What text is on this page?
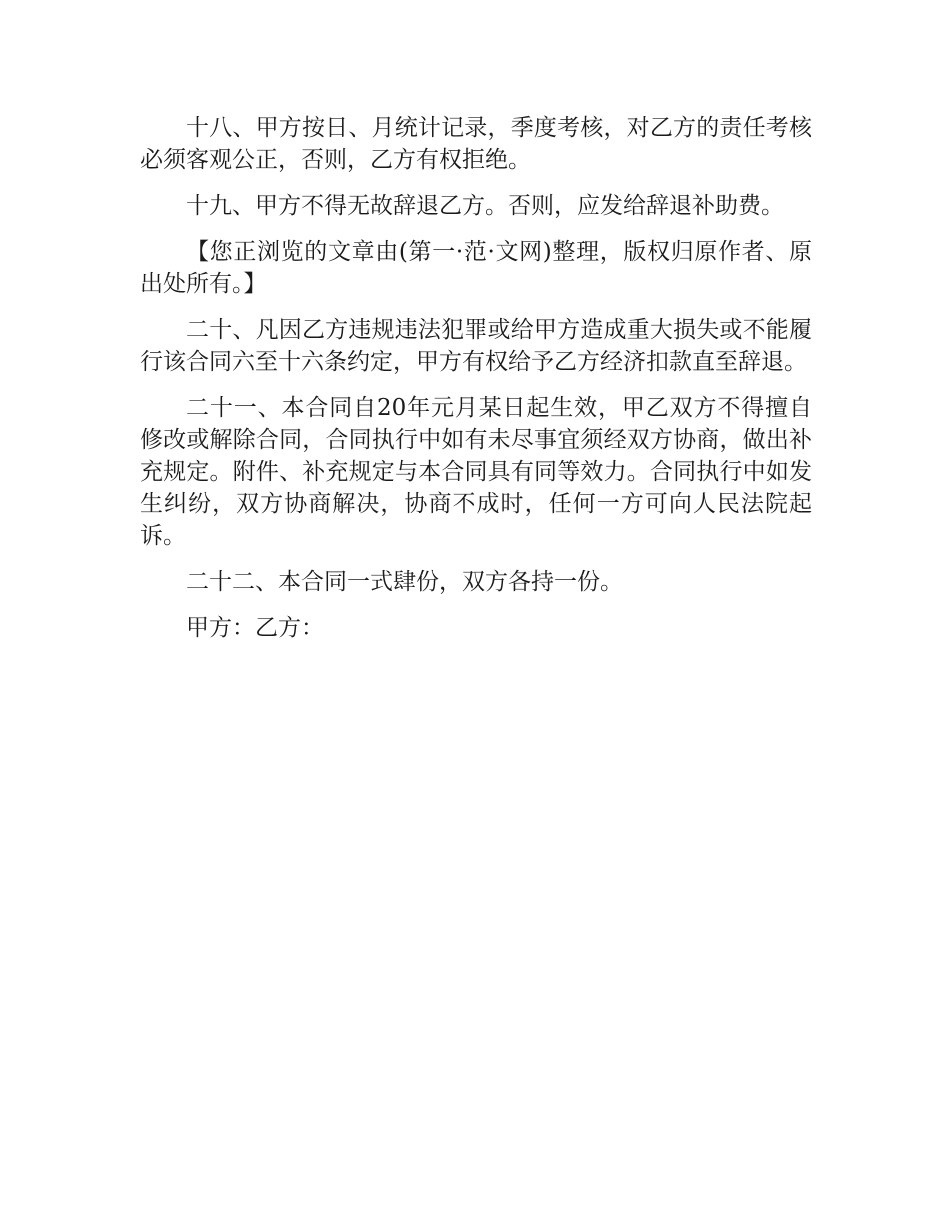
十八、甲方按日、月统计记录，季度考核，对乙方的责任考核必须客观公正，否则，乙方有权拒绝。

十九、甲方不得无故辞退乙方。否则，应发给辞退补助费。

【您正浏览的文章由(第一·范·文网)整理，版权归原作者、原出处所有。】

二十、凡因乙方违规违法犯罪或给甲方造成重大损失或不能履行该合同六至十六条约定，甲方有权给予乙方经济扣款直至辞退。

二十一、本合同自20年元月某日起生效，甲乙双方不得擅自修改或解除合同，合同执行中如有未尽事宜须经双方协商，做出补充规定。附件、补充规定与本合同具有同等效力。合同执行中如发生纠纷，双方协商解决，协商不成时，任何一方可向人民法院起诉。

二十二、本合同一式肆份，双方各持一份。

甲方：乙方：
